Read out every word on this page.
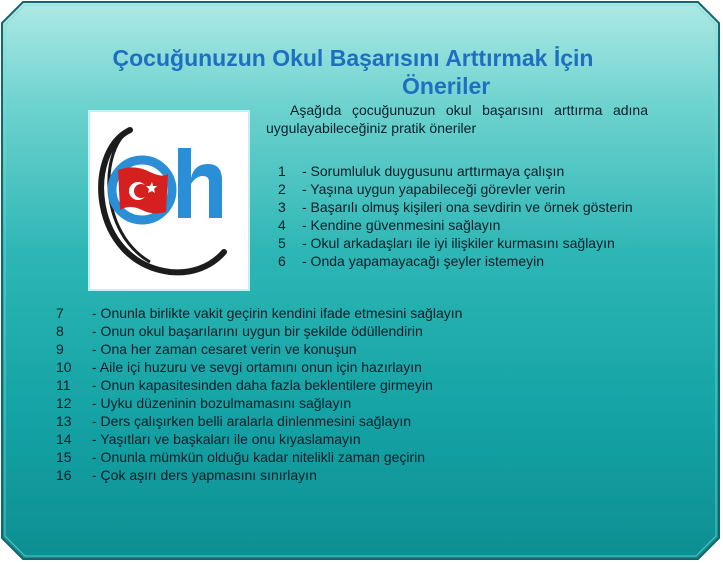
Çocuğunuzun Okul Başarısını Arttırmak İçin
Öneriler
Aşağıda çocuğunuzun okul başarısını arttırma adına uygulayabileceğiniz pratik öneriler
1 - Sorumluluk duygusunu arttırmaya çalışın
2 - Yaşına uygun yapabileceği görevler verin
3 - Başarılı olmuş kişileri ona sevdirin ve örnek gösterin
4 - Kendine güvenmesini sağlayın
5 - Okul arkadaşları ile iyi ilişkiler kurmasını sağlayın
6 - Onda yapamayacağı şeyler istemeyin
7 - Onunla birlikte vakit geçirin kendini ifade etmesini sağlayın
8 - Onun okul başarılarını uygun bir şekilde ödüllendirin
9 - Ona her zaman cesaret verin ve konuşun
10 - Aile içi huzuru ve sevgi ortamını onun için hazırlayın
11 - Onun kapasitesinden daha fazla beklentilere girmeyin
12 - Uyku düzeninin bozulmamasını sağlayın
13 - Ders çalışırken belli aralarla dinlenmesini sağlayın
14 - Yaşıtları ve başkaları ile onu kıyaslamayın
15 - Onunla mümkün olduğu kadar nitelikli zaman geçirin
16 - Çok aşırı ders yapmasını sınırlayın
